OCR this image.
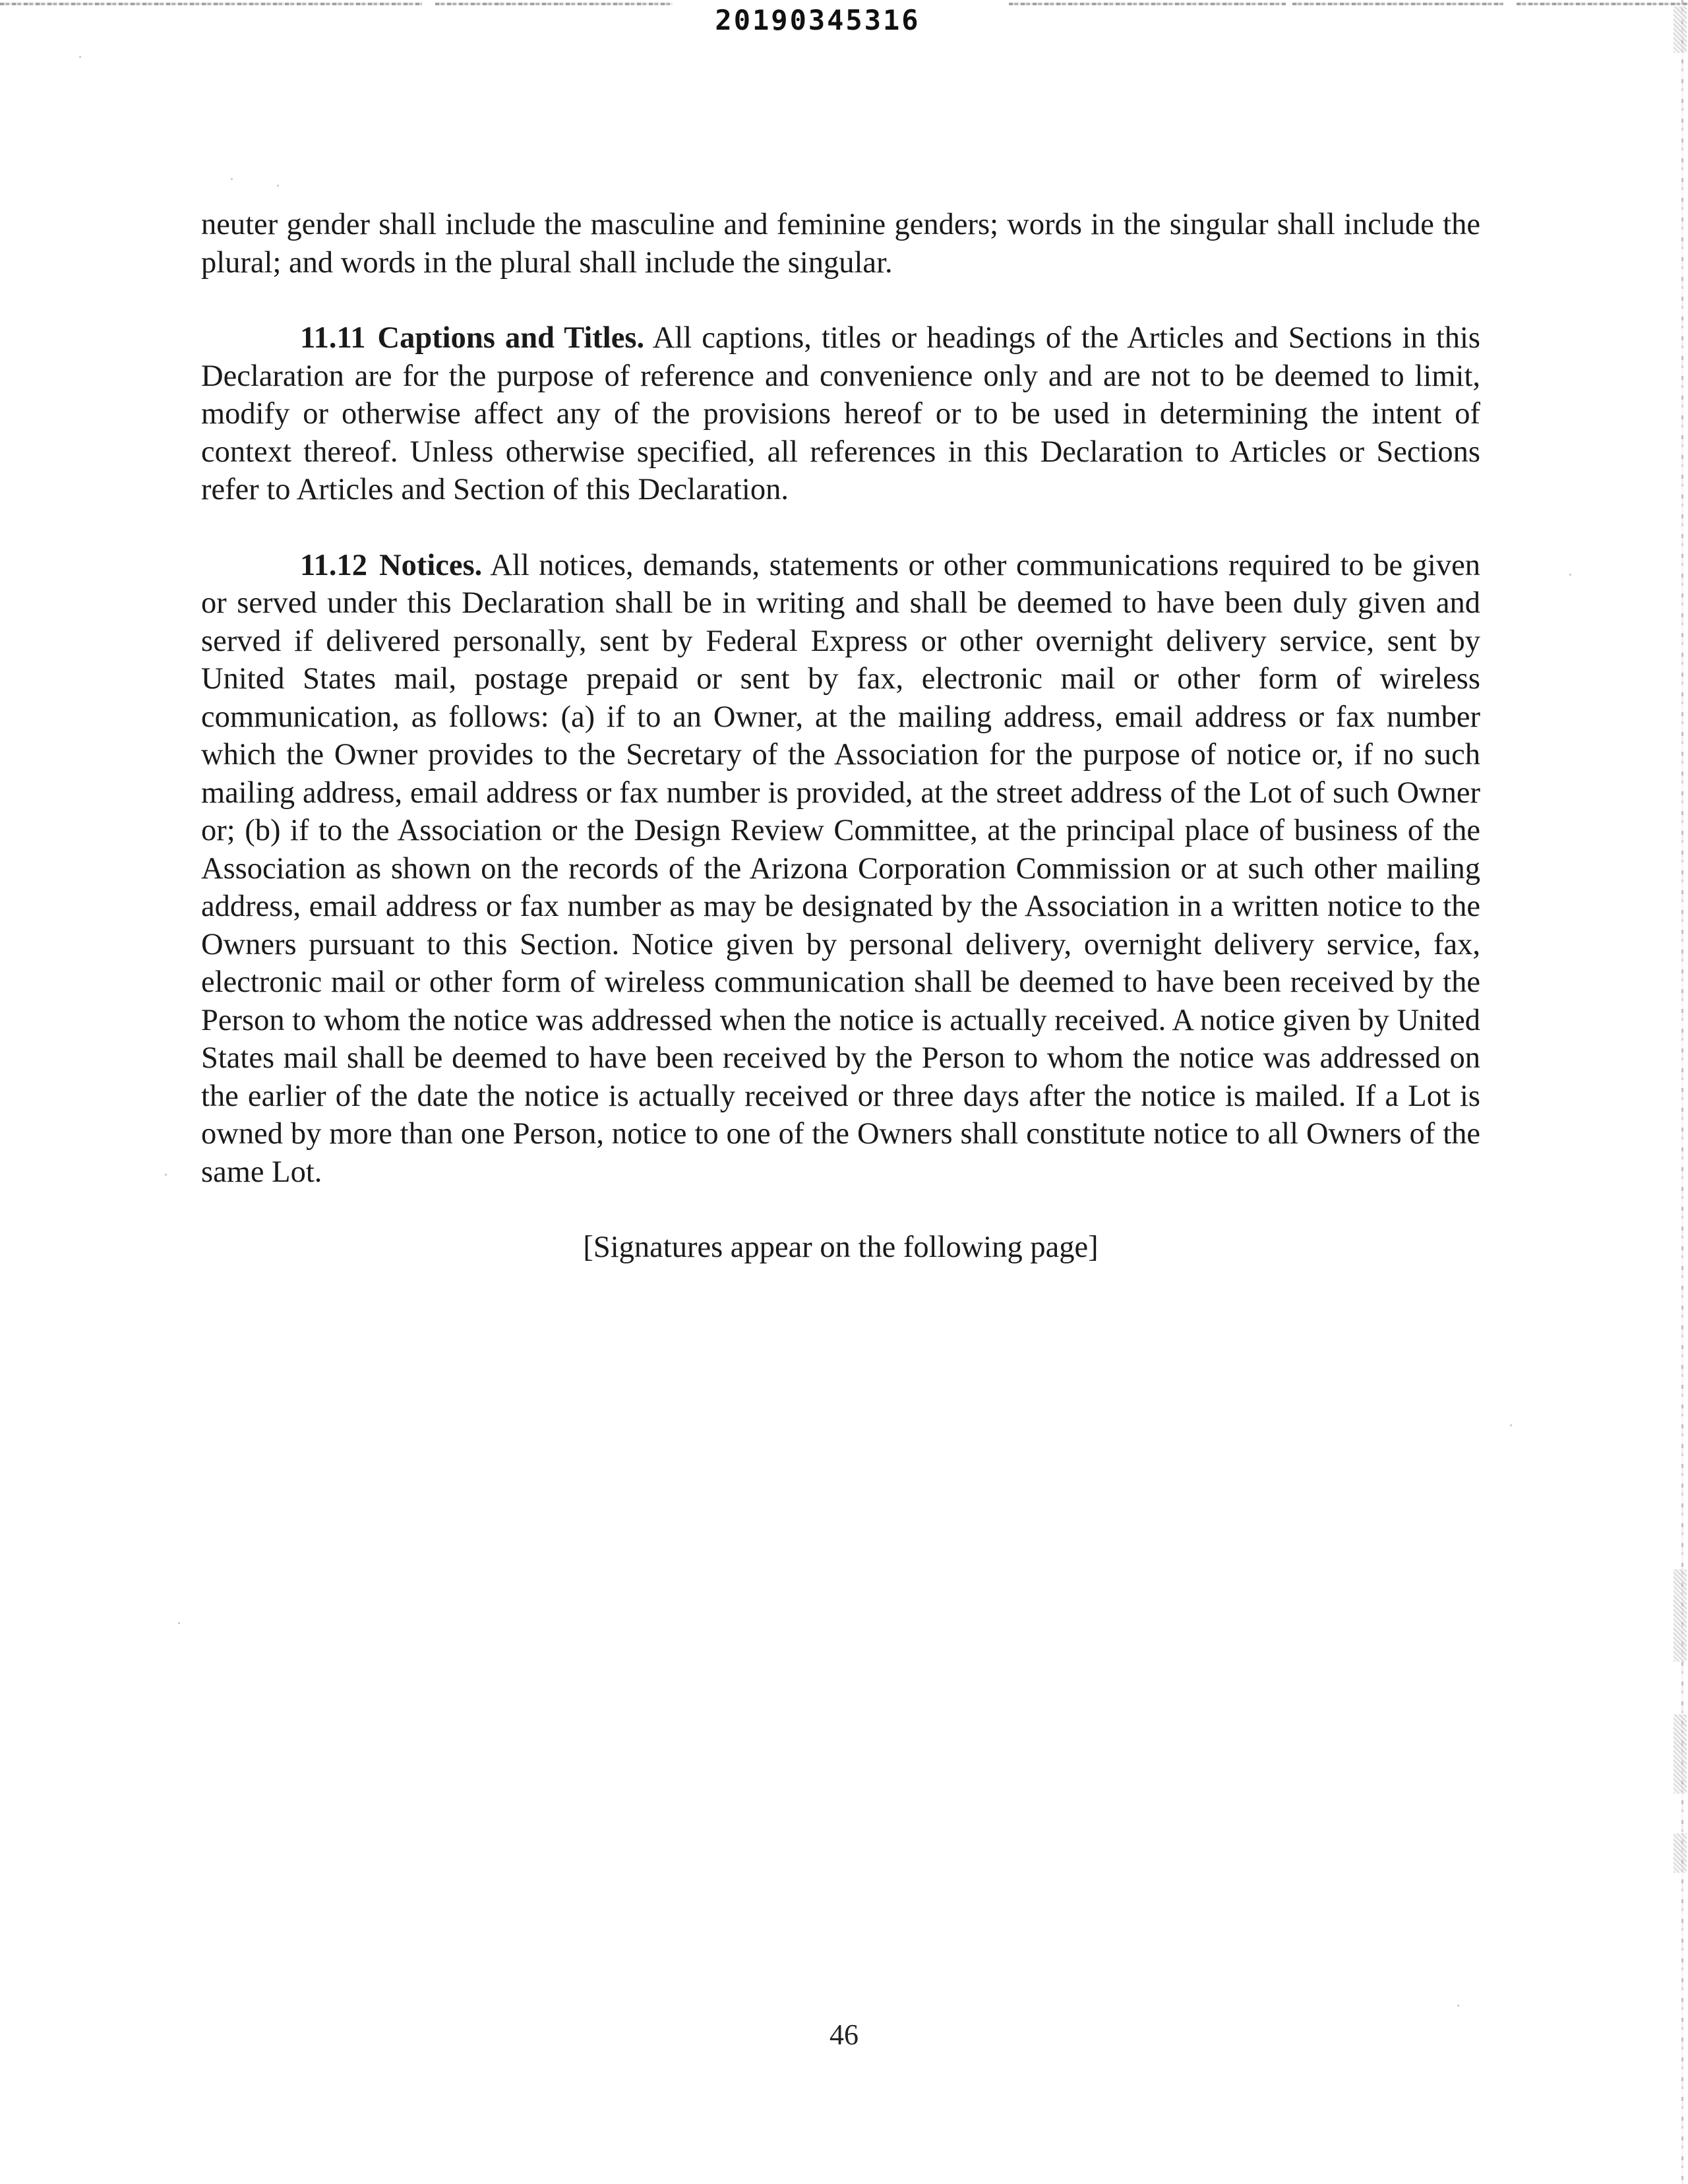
20190345316

neuter gender shall include the masculine and feminine genders; words in the singular shall include the plural; and words in the plural shall include the singular.

11.11 Captions and Titles. All captions, titles or headings of the Articles and Sections in this Declaration are for the purpose of reference and convenience only and are not to be deemed to limit, modify or otherwise affect any of the provisions hereof or to be used in determining the intent of context thereof. Unless otherwise specified, all references in this Declaration to Articles or Sections refer to Articles and Section of this Declaration.

11.12 Notices. All notices, demands, statements or other communications required to be given or served under this Declaration shall be in writing and shall be deemed to have been duly given and served if delivered personally, sent by Federal Express or other overnight delivery service, sent by United States mail, postage prepaid or sent by fax, electronic mail or other form of wireless communication, as follows: (a) if to an Owner, at the mailing address, email address or fax number which the Owner provides to the Secretary of the Association for the purpose of notice or, if no such mailing address, email address or fax number is provided, at the street address of the Lot of such Owner or; (b) if to the Association or the Design Review Committee, at the principal place of business of the Association as shown on the records of the Arizona Corporation Commission or at such other mailing address, email address or fax number as may be designated by the Association in a written notice to the Owners pursuant to this Section. Notice given by personal delivery, overnight delivery service, fax, electronic mail or other form of wireless communication shall be deemed to have been received by the Person to whom the notice was addressed when the notice is actually received. A notice given by United States mail shall be deemed to have been received by the Person to whom the notice was addressed on the earlier of the date the notice is actually received or three days after the notice is mailed. If a Lot is owned by more than one Person, notice to one of the Owners shall constitute notice to all Owners of the same Lot.

[Signatures appear on the following page]

46
